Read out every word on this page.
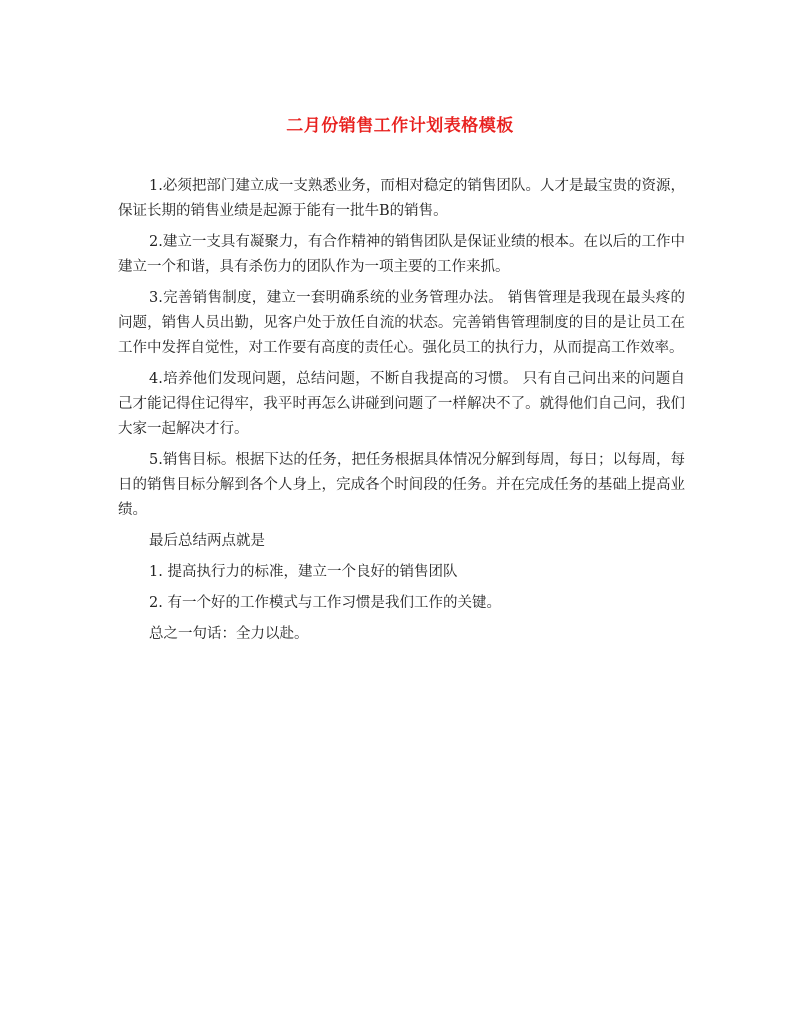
二月份销售工作计划表格模板

1.必须把部门建立成一支熟悉业务，而相对稳定的销售团队。人才是最宝贵的资源，保证长期的销售业绩是起源于能有一批牛B的销售。

2.建立一支具有凝聚力，有合作精神的销售团队是保证业绩的根本。在以后的工作中建立一个和谐，具有杀伤力的团队作为一项主要的工作来抓。

3.完善销售制度，建立一套明确系统的业务管理办法。 销售管理是我现在最头疼的问题，销售人员出勤，见客户处于放任自流的状态。完善销售管理制度的目的是让员工在工作中发挥自觉性，对工作要有高度的责任心。强化员工的执行力，从而提高工作效率。

4.培养他们发现问题，总结问题，不断自我提高的习惯。 只有自己问出来的问题自己才能记得住记得牢，我平时再怎么讲碰到问题了一样解决不了。就得他们自己问，我们大家一起解决才行。

5.销售目标。根据下达的任务，把任务根据具体情况分解到每周，每日；以每周，每日的销售目标分解到各个人身上，完成各个时间段的任务。并在完成任务的基础上提高业绩。

最后总结两点就是

1. 提高执行力的标准，建立一个良好的销售团队

2. 有一个好的工作模式与工作习惯是我们工作的关键。

总之一句话：全力以赴。
